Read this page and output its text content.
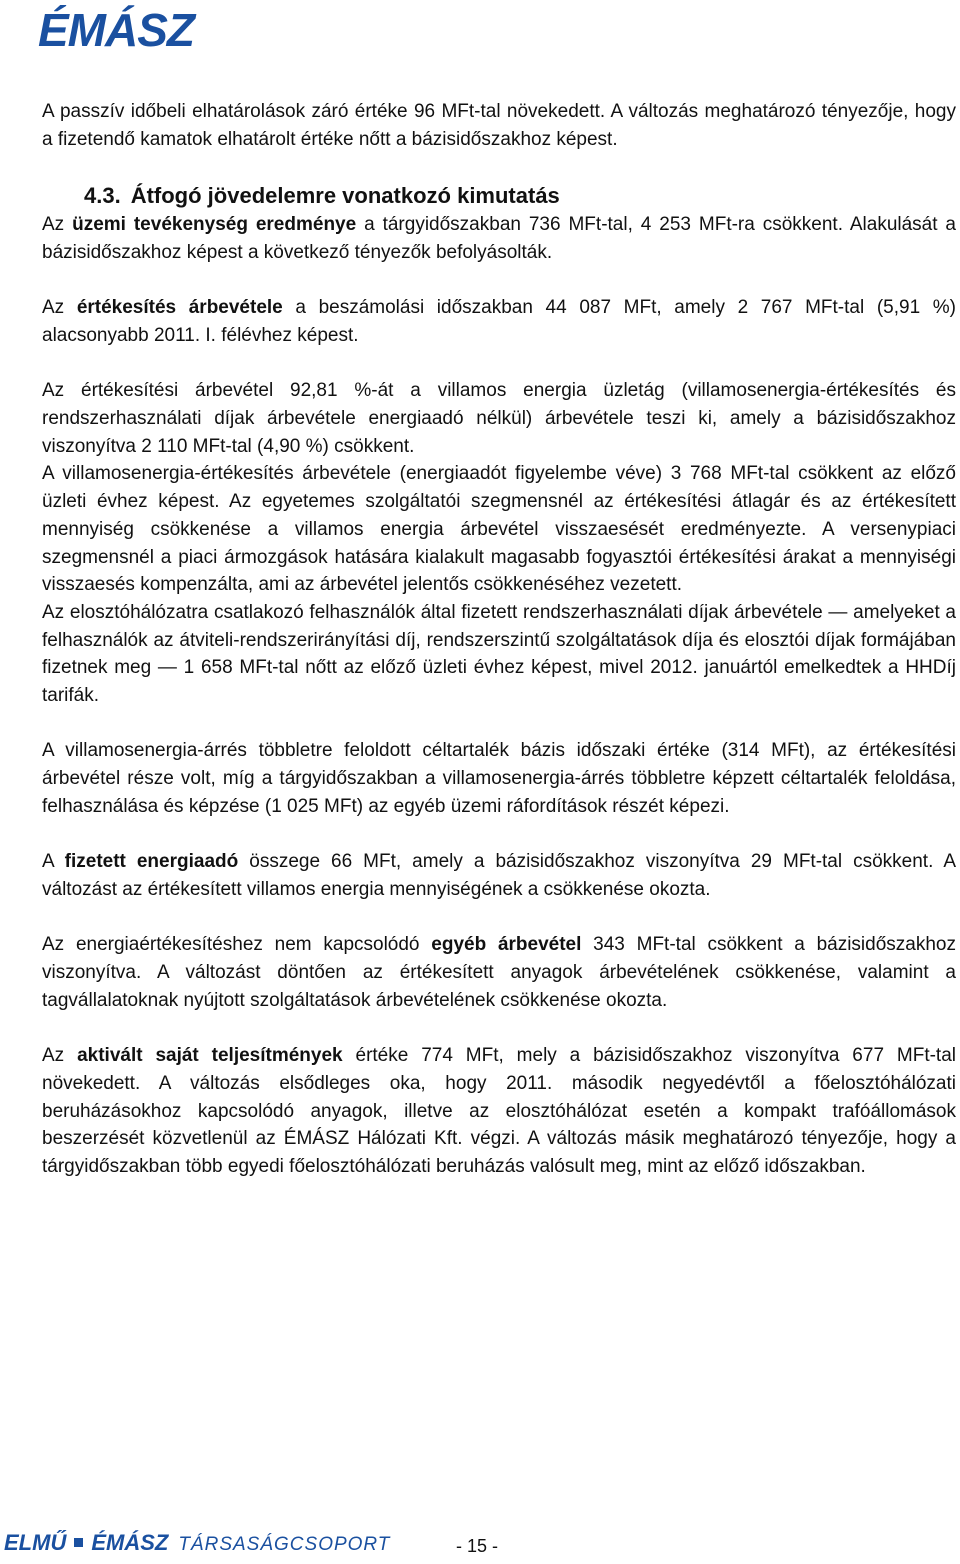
ÉMÁSZ

A passzív időbeli elhatárolások záró értéke 96 MFt-tal növekedett. A változás meghatározó tényezője, hogy a fizetendő kamatok elhatárolt értéke nőtt a bázisidőszakhoz képest.

4.3. Átfogó jövedelemre vonatkozó kimutatás

Az üzemi tevékenység eredménye a tárgyidőszakban 736 MFt-tal, 4 253 MFt-ra csökkent. Alakulását a bázisidőszakhoz képest a következő tényezők befolyásolták.

Az értékesítés árbevétele a beszámolási időszakban 44 087 MFt, amely 2 767 MFt-tal (5,91 %) alacsonyabb 2011. I. félévhez képest.

Az értékesítési árbevétel 92,81 %-át a villamos energia üzletág (villamosenergia-értékesítés és rendszerhasználati díjak árbevétele energiaadó nélkül) árbevétele teszi ki, amely a bázisidőszakhoz viszonyítva 2 110 MFt-tal (4,90 %) csökkent.

A villamosenergia-értékesítés árbevétele (energiaadót figyelembe véve) 3 768 MFt-tal csökkent az előző üzleti évhez képest. Az egyetemes szolgáltatói szegmensnél az értékesítési átlagár és az értékesített mennyiség csökkenése a villamos energia árbevétel visszaesését eredményezte. A versenypiaci szegmensnél a piaci ármozgások hatására kialakult magasabb fogyasztói értékesítési árakat a mennyiségi visszaesés kompenzálta, ami az árbevétel jelentős csökkenéséhez vezetett.

Az elosztóhálózatra csatlakozó felhasználók által fizetett rendszerhasználati díjak árbevétele — amelyeket a felhasználók az átviteli-rendszerirányítási díj, rendszerszintű szolgáltatások díja és elosztói díjak formájában fizetnek meg — 1 658 MFt-tal nőtt az előző üzleti évhez képest, mivel 2012. januártól emelkedtek a HHDíj tarifák.

A villamosenergia-árrés többletre feloldott céltartalék bázis időszaki értéke (314 MFt), az értékesítési árbevétel része volt, míg a tárgyidőszakban a villamosenergia-árrés többletre képzett céltartalék feloldása, felhasználása és képzése (1 025 MFt) az egyéb üzemi ráfordítások részét képezi.

A fizetett energiaadó összege 66 MFt, amely a bázisidőszakhoz viszonyítva 29 MFt-tal csökkent. A változást az értékesített villamos energia mennyiségének a csökkenése okozta.

Az energiaértékesítéshez nem kapcsolódó egyéb árbevétel 343 MFt-tal csökkent a bázisidőszakhoz viszonyítva. A változást döntően az értékesített anyagok árbevételének csökkenése, valamint a tagvállalatoknak nyújtott szolgáltatások árbevételének csökkenése okozta.

Az aktivált saját teljesítmények értéke 774 MFt, mely a bázisidőszakhoz viszonyítva 677 MFt-tal növekedett. A változás elsődleges oka, hogy 2011. második negyedévtől a főelosztóhálózati beruházásokhoz kapcsolódó anyagok, illetve az elosztóhálózat esetén a kompakt trafóállomások beszerzését közvetlenül az ÉMÁSZ Hálózati Kft. végzi. A változás másik meghatározó tényezője, hogy a tárgyidőszakban több egyedi főelosztóhálózati beruházás valósult meg, mint az előző időszakban.

ELMŰ ÉMÁSZ TÁRSASÁGCSOPORT	- 15 -
